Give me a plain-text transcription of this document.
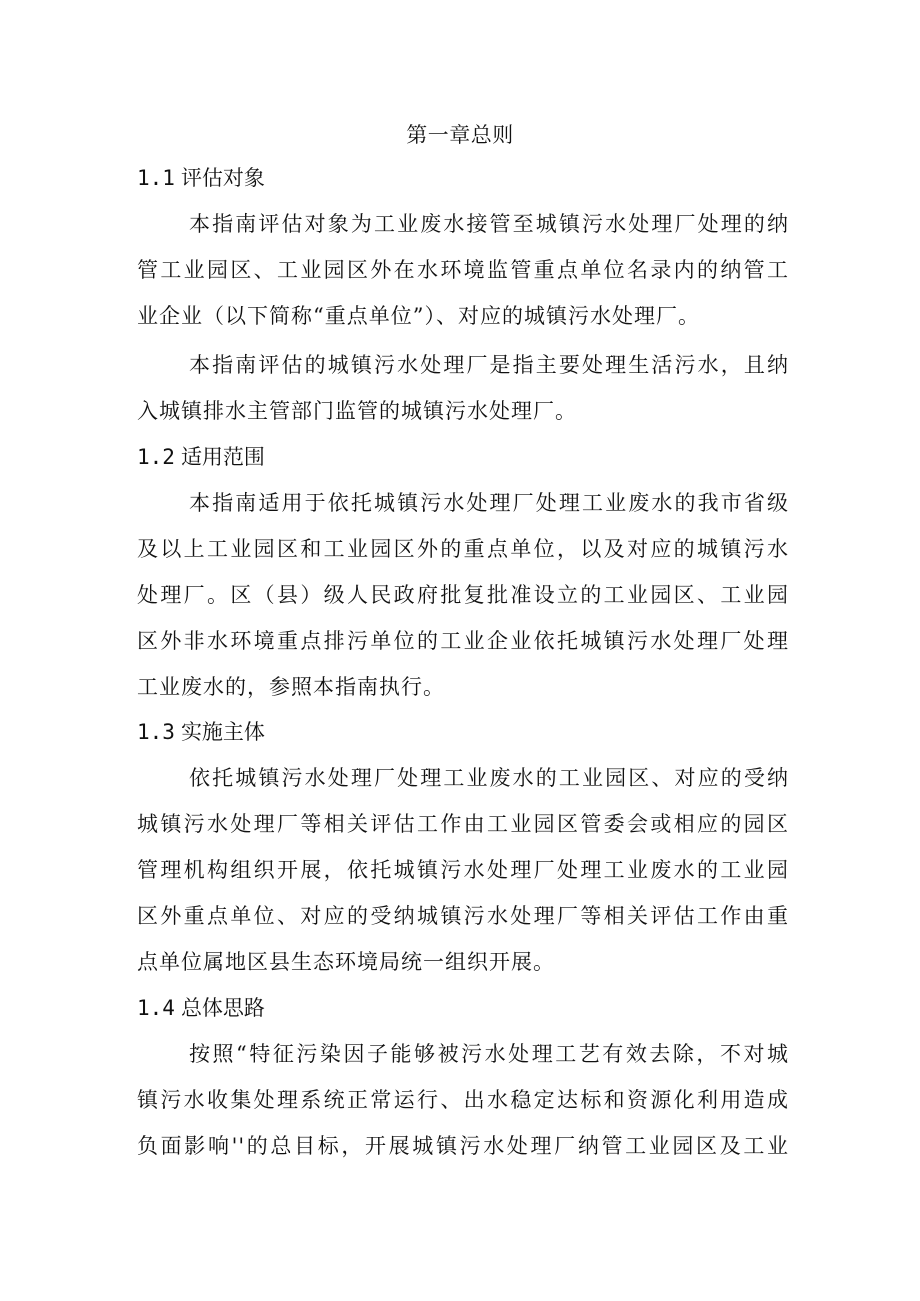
第一章总则
1.1 评估对象
本指南评估对象为工业废水接管至城镇污水处理厂处理的纳
管工业园区、工业园区外在水环境监管重点单位名录内的纳管工
业企业（以下简称“重点单位”）、对应的城镇污水处理厂。
本指南评估的城镇污水处理厂是指主要处理生活污水，且纳
入城镇排水主管部门监管的城镇污水处理厂。
1.2 适用范围
本指南适用于依托城镇污水处理厂处理工业废水的我市省级
及以上工业园区和工业园区外的重点单位，以及对应的城镇污水
处理厂。区（县）级人民政府批复批准设立的工业园区、工业园
区外非水环境重点排污单位的工业企业依托城镇污水处理厂处理
工业废水的，参照本指南执行。
1.3 实施主体
依托城镇污水处理厂处理工业废水的工业园区、对应的受纳
城镇污水处理厂等相关评估工作由工业园区管委会或相应的园区
管理机构组织开展，依托城镇污水处理厂处理工业废水的工业园
区外重点单位、对应的受纳城镇污水处理厂等相关评估工作由重
点单位属地区县生态环境局统一组织开展。
1.4 总体思路
按照“特征污染因子能够被污水处理工艺有效去除，不对城
镇污水收集处理系统正常运行、出水稳定达标和资源化利用造成
负面影响''的总目标，开展城镇污水处理厂纳管工业园区及工业
